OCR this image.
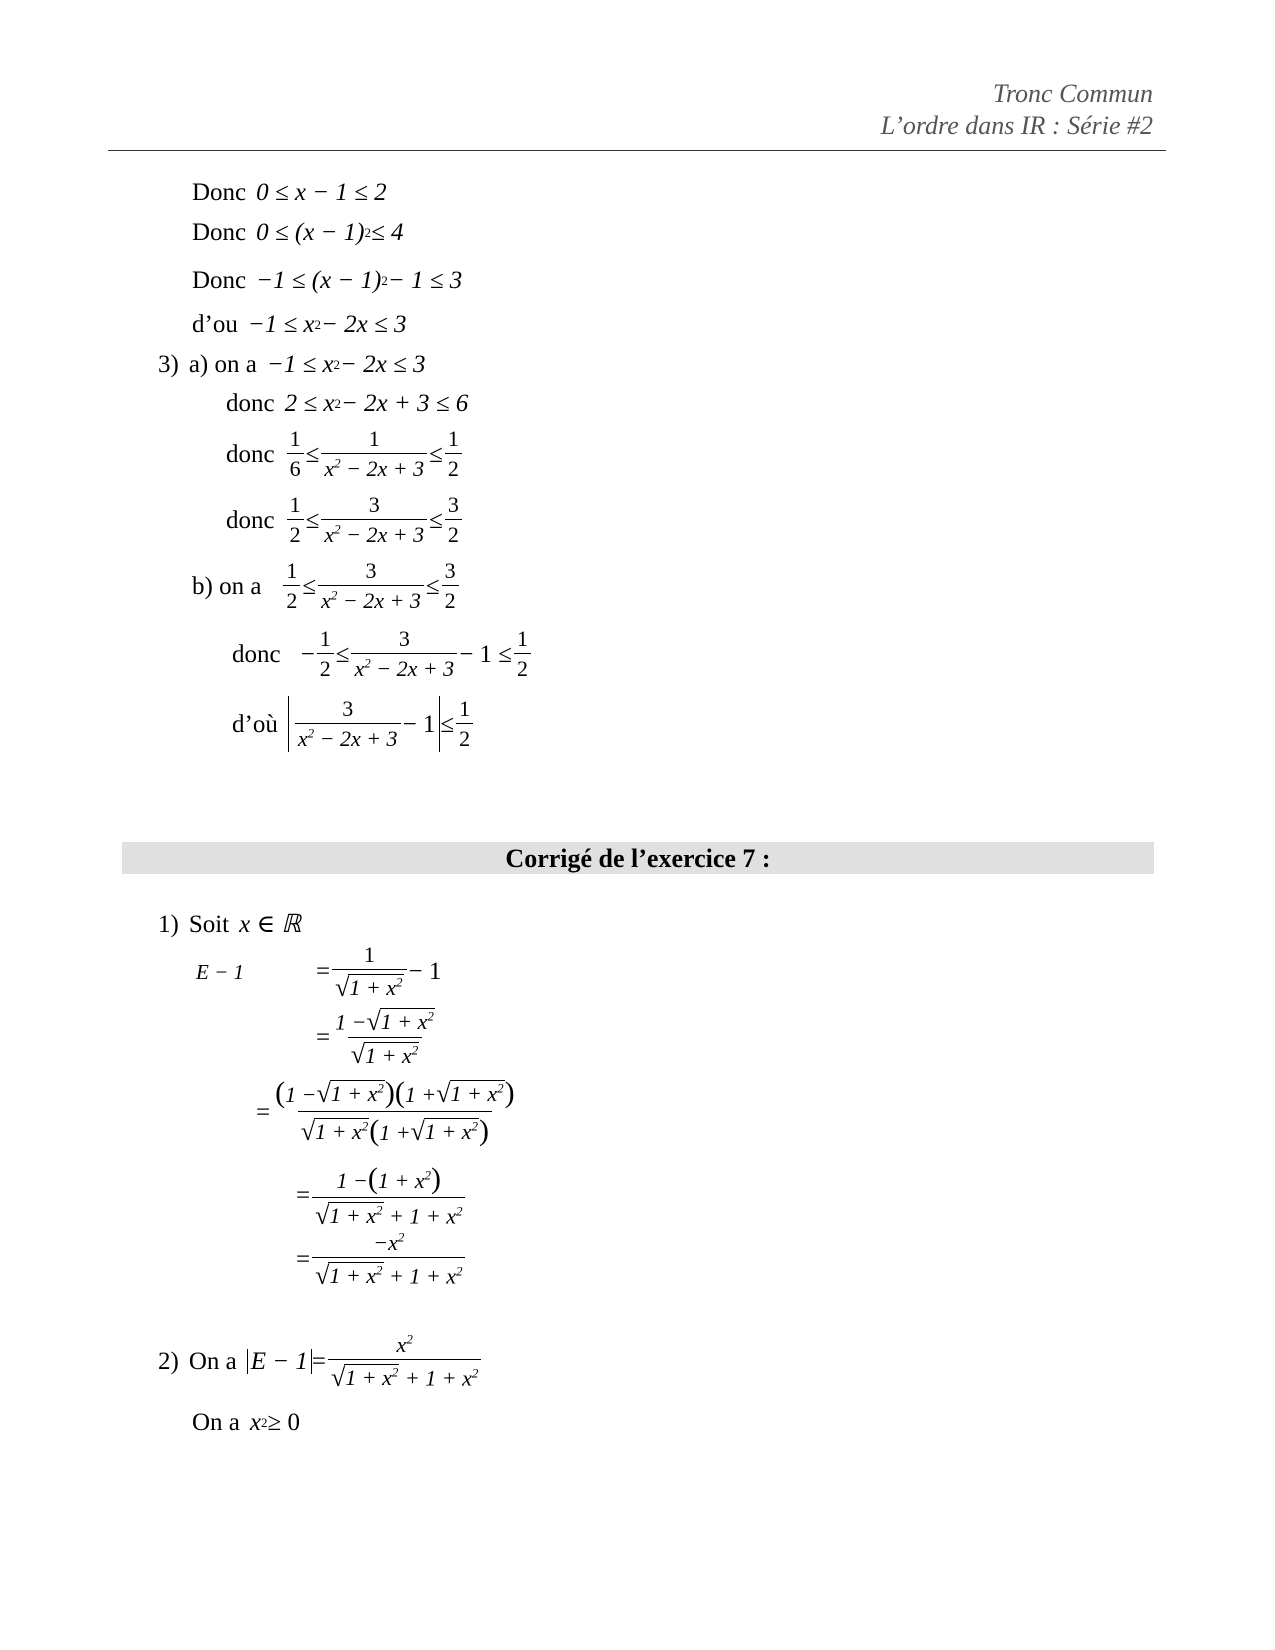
Tronc Commun
L’ordre dans IR : Série #2
Donc 0 ≤ x − 1 ≤ 2
Donc 0 ≤ (x − 1) 2 ≤ 4
Donc −1 ≤ (x − 1) 2 − 1 ≤ 3
d’ou −1 ≤ x 2 − 2x ≤ 3
3) a) on a −1 ≤ x 2 − 2x ≤ 3
donc 2 ≤ x 2 − 2x + 3 ≤ 6
donc $\frac{1}{6} \le \frac{1}{x^2 - 2x + 3} \le \frac{1}{2}$
donc $\frac{1}{2} \le \frac{3}{x^2 - 2x + 3} \le \frac{3}{2}$
b) on a $\frac{1}{2} \le \frac{3}{x^2 - 2x + 3} \le \frac{3}{2}$
donc − $\frac{1}{2} \le \frac{3}{x^2 - 2x + 3} - 1 \le \frac{1}{2}$
d’où $\frac{3}{x^2 - 2x + 3} - 1 \le \frac{1}{2}$
Corrigé de l’exercice 7 :
1) Soit x ∈ ℝ
E − 1	= $\frac{1}{√ 1 + x^2} - 1$
= $\frac{1 - √ 1 + x^2}{√ 1 + x^2}$
= $\frac{(1 - √ 1 + x^2 )(1 + √ 1 + x^2 )}{√ 1 + x^2 (1 + √ 1 + x^2 )}$
= $\frac{1 -(1 + x^2)}{√ 1 + x^2 + 1 + x^2}$
= $\frac{-x^2}{√ 1 + x^2 + 1 + x^2}$
2) On a $E - 1 = \frac{x^2}{√ 1 + x^2 + 1 + x^2}$
On a x 2 ≥ 0
